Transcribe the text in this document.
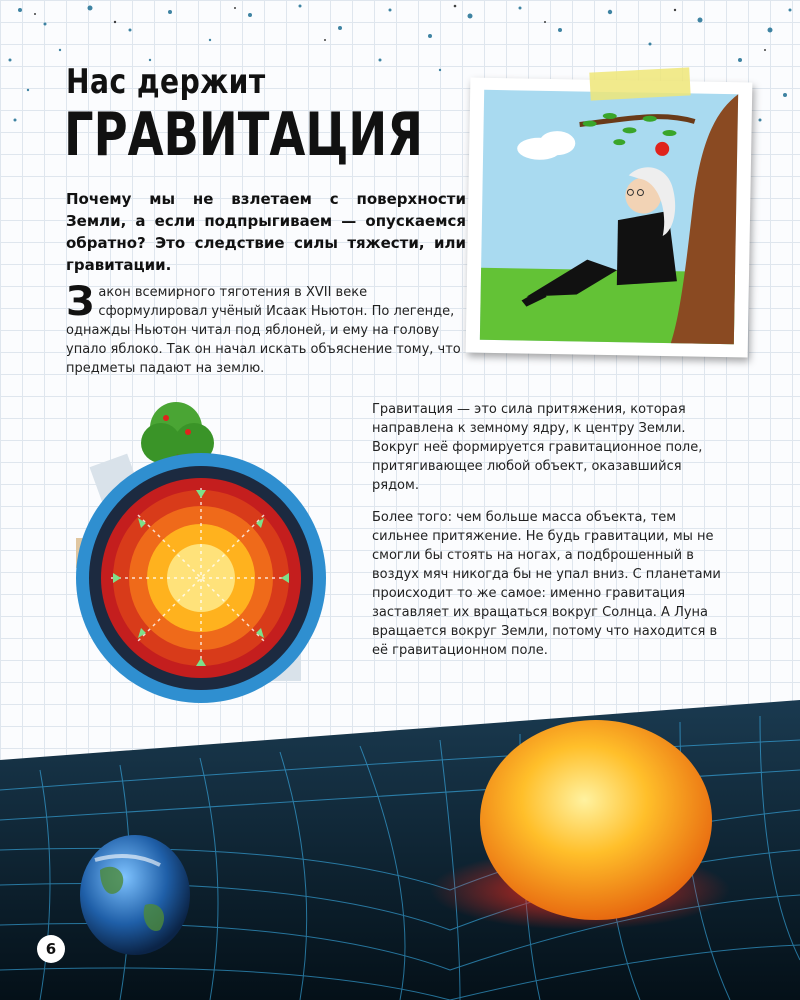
Нас держит
ГРАВИТАЦИЯ
Почему мы не взлетаем с поверхности Земли, а если подпрыгиваем — опускаемся обратно? Это следствие силы тяжести, или гравитации.
Закон всемирного тяготения в XVII веке сформулировал учёный Исаак Ньютон. По легенде, однажды Ньютон читал под яблоней, и ему на голову упало яблоко. Так он начал искать объяснение тому, что предметы падают на землю.
Гравитация — это сила притяжения, которая направлена к земному ядру, к центру Земли. Вокруг неё формируется гравитационное поле, притягивающее любой объект, оказавшийся рядом.
Более того: чем больше масса объекта, тем сильнее притяжение. Не будь гравитации, мы не смогли бы стоять на ногах, а подброшенный в воздух мяч никогда бы не упал вниз. С планетами происходит то же самое: именно гравитация заставляет их вращаться вокруг Солнца. А Луна вращается вокруг Земли, потому что находится в её гравитационном поле.
6
